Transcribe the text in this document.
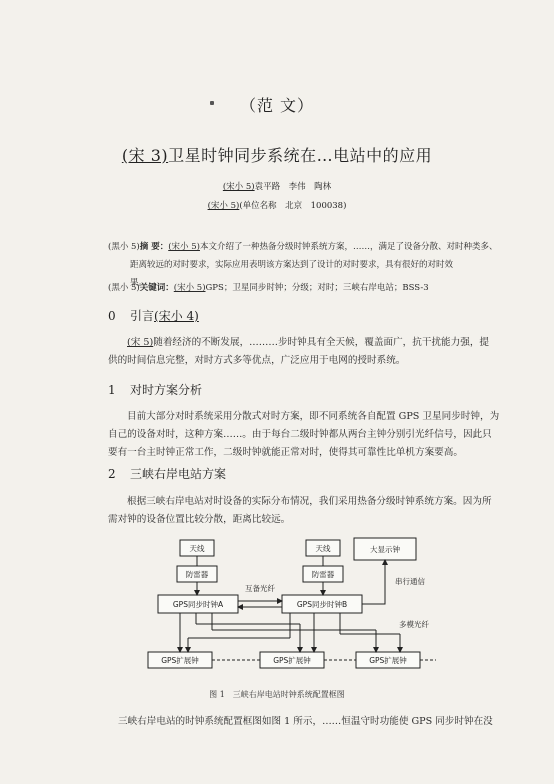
（范 文）
(宋 3)卫星时钟同步系统在…电站中的应用
(宋小 5)袁平路　李伟　陶林
(宋小 5)(单位名称　北京　100038)
(黑小 5)摘 要：(宋小 5)本文介绍了一种热备分级时钟系统方案，……，满足了设备分散、对时种类多、
距离较远的对时要求，实际应用表明该方案达到了设计的对时要求，具有很好的对时效果。
(黑小 5)关键词：(宋小 5)GPS；卫星同步时钟；分级；对时；三峡右岸电站；BSS-3
0 引言(宋小 4)

(宋 5)随着经济的不断发展，………步时钟具有全天候，覆盖面广，抗干扰能力强，提

供的时间信息完整，对时方式多等优点，广泛应用于电网的授时系统。

1 对时方案分析

目前大部分对时系统采用分散式对时方案，即不同系统各自配置 GPS 卫星同步时钟，为

自己的设备对时，这种方案……。由于每台二级时钟都从两台主钟分别引光纤信号，因此只

要有一台主时钟正常工作，二级时钟就能正常对时，使得其可靠性比单机方案要高。

2 三峡右岸电站方案

根据三峡右岸电站对时设备的实际分布情况，我们采用热备分级时钟系统方案。因为所

需对钟的设备位置比较分散，距离比较远。

天线
防雷器
GPS同步时钟A
天线
防雷器
GPS同步时钟B
大显示钟
互备光纤
串行通信
多模光纤
GPS扩展钟	GPS扩展钟	GPS扩展钟
图 1　三峡右岸电站时钟系统配置框图
三峡右岸电站的时钟系统配置框图如图 1 所示，……恒温守时功能使 GPS 同步时钟在没
